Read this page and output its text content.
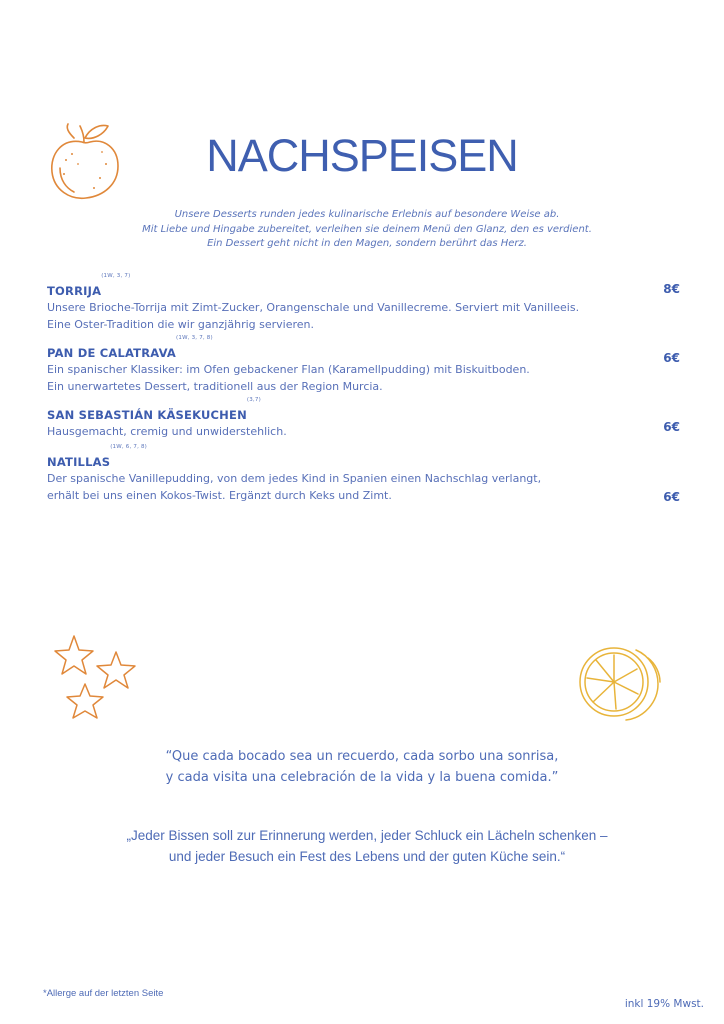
NACHSPEISEN
Unsere Desserts runden jedes kulinarische Erlebnis auf besondere Weise ab.
Mit Liebe und Hingabe zubereitet, verleihen sie deinem Menü den Glanz, den es verdient.
Ein Dessert geht nicht in den Magen, sondern berührt das Herz.
TORRIJA
(1W, 3, 7)
Unsere Brioche-Torrija mit Zimt-Zucker, Orangenschale und Vanillecreme. Serviert mit Vanilleeis.
Eine Oster-Tradition die wir ganzjährig servieren.
8€
PAN DE CALATRAVA
(1W, 3, 7, 8)
Ein spanischer Klassiker: im Ofen gebackener Flan (Karamellpudding) mit Biskuitboden.
Ein unerwartetes Dessert, traditionell aus der Region Murcia.
6€
SAN SEBASTIÁN KÄSEKUCHEN
(3,7)
Hausgemacht, cremig und unwiderstehlich.	6€
NATILLAS
(1W, 6, 7, 8)
Der spanische Vanillepudding, von dem jedes Kind in Spanien einen Nachschlag verlangt,
erhält bei uns einen Kokos-Twist. Ergänzt durch Keks und Zimt.	6€
“Que cada bocado sea un recuerdo, cada sorbo una sonrisa,
y cada visita una celebración de la vida y la buena comida.”
„Jeder Bissen soll zur Erinnerung werden, jeder Schluck ein Lächeln schenken –
und jeder Besuch ein Fest des Lebens und der guten Küche sein.“
*Allerge auf der letzten Seite
inkl 19% Mwst.
